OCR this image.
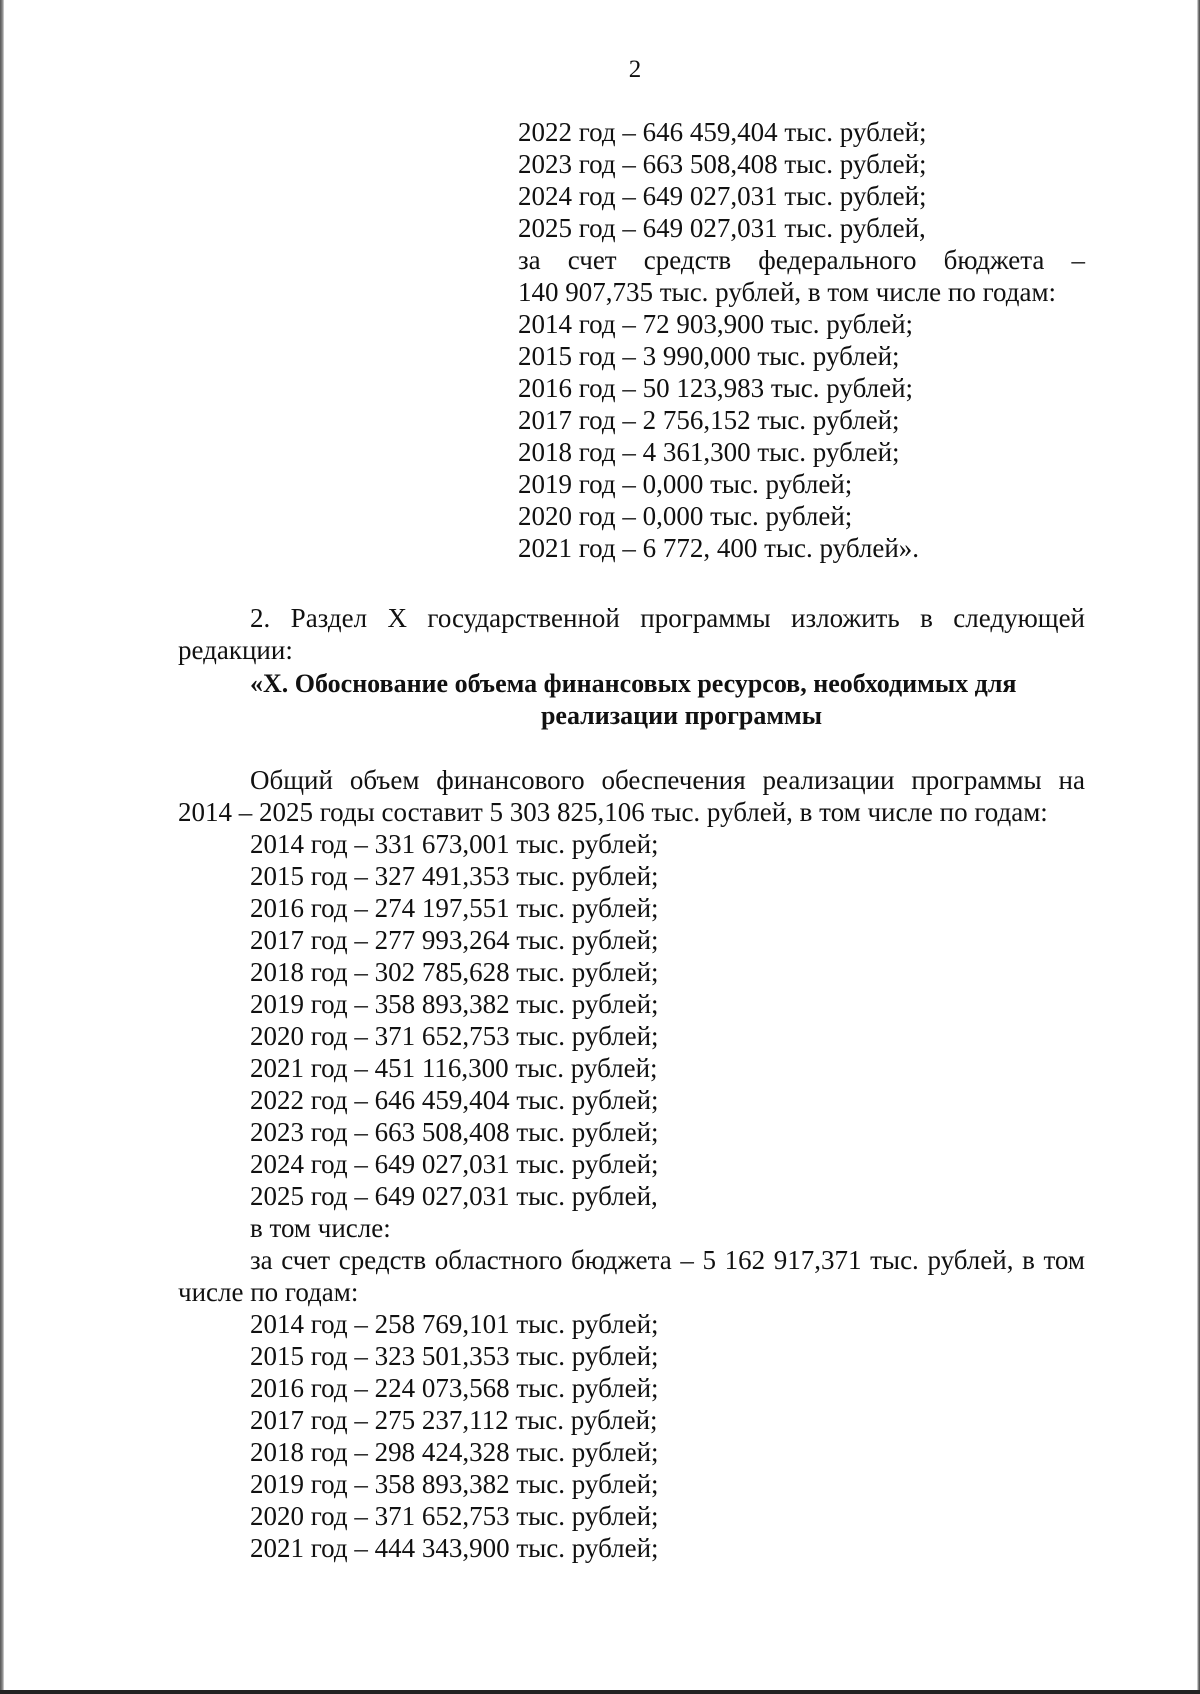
2
2022 год – 646 459,404 тыс. рублей;
2023 год – 663 508,408 тыс. рублей;
2024 год – 649 027,031 тыс. рублей;
2025 год – 649 027,031 тыс. рублей,
за счет средств федерального бюджета –
140 907,735 тыс. рублей, в том числе по годам:
2014 год – 72 903,900 тыс. рублей;
2015 год – 3 990,000 тыс. рублей;
2016 год – 50 123,983 тыс. рублей;
2017 год – 2 756,152 тыс. рублей;
2018 год – 4 361,300 тыс. рублей;
2019 год – 0,000 тыс. рублей;
2020 год – 0,000 тыс. рублей;
2021 год – 6 772, 400 тыс. рублей».
2. Раздел X государственной программы изложить в следующей
редакции:
«X. Обоснование объема финансовых ресурсов, необходимых для
реализации программы
Общий объем финансового обеспечения реализации программы на
2014 – 2025 годы составит 5 303 825,106 тыс. рублей, в том числе по годам:
2014 год – 331 673,001 тыс. рублей;
2015 год – 327 491,353 тыс. рублей;
2016 год – 274 197,551 тыс. рублей;
2017 год – 277 993,264 тыс. рублей;
2018 год – 302 785,628 тыс. рублей;
2019 год – 358 893,382 тыс. рублей;
2020 год – 371 652,753 тыс. рублей;
2021 год – 451 116,300 тыс. рублей;
2022 год – 646 459,404 тыс. рублей;
2023 год – 663 508,408 тыс. рублей;
2024 год – 649 027,031 тыс. рублей;
2025 год – 649 027,031 тыс. рублей,
в том числе:
за счет средств областного бюджета – 5 162 917,371 тыс. рублей, в том
числе по годам:
2014 год – 258 769,101 тыс. рублей;
2015 год – 323 501,353 тыс. рублей;
2016 год – 224 073,568 тыс. рублей;
2017 год – 275 237,112 тыс. рублей;
2018 год – 298 424,328 тыс. рублей;
2019 год – 358 893,382 тыс. рублей;
2020 год – 371 652,753 тыс. рублей;
2021 год – 444 343,900 тыс. рублей;
